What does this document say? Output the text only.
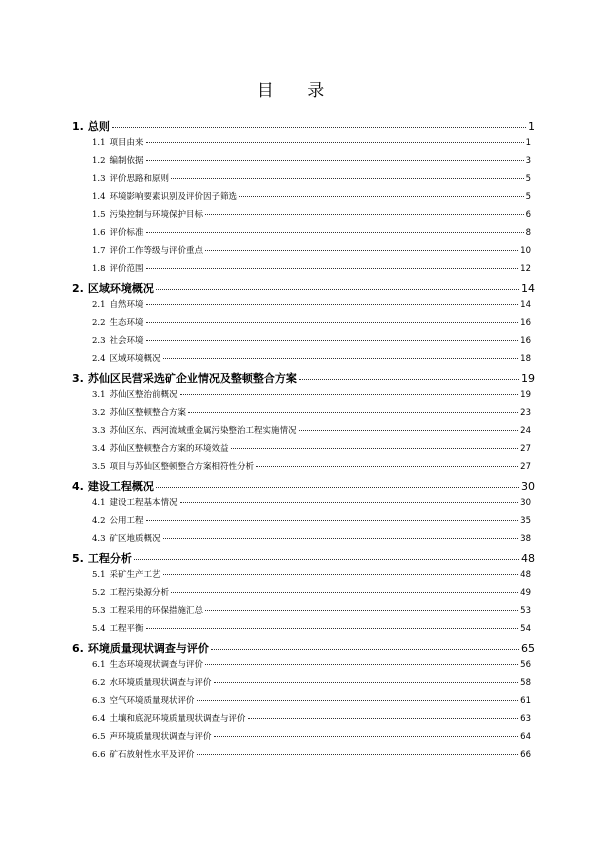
目 录
1. 总则	1
1.1 项目由来	1
1.2 编制依据	3
1.3 评价思路和原则	5
1.4 环境影响要素识别及评价因子筛选	5
1.5 污染控制与环境保护目标	6
1.6 评价标准	8
1.7 评价工作等级与评价重点	10
1.8 评价范围	12
2. 区域环境概况	14
2.1 自然环境	14
2.2 生态环境	16
2.3 社会环境	16
2.4 区域环境概况	18
3. 苏仙区民营采选矿企业情况及整顿整合方案	19
3.1 苏仙区整治前概况	19
3.2 苏仙区整顿整合方案	23
3.3 苏仙区东、西河流域重金属污染整治工程实施情况	24
3.4 苏仙区整顿整合方案的环境效益	27
3.5 项目与苏仙区整顿整合方案相符性分析	27
4. 建设工程概况	30
4.1 建设工程基本情况	30
4.2 公用工程	35
4.3 矿区地质概况	38
5. 工程分析	48
5.1 采矿生产工艺	48
5.2 工程污染源分析	49
5.3 工程采用的环保措施汇总	53
5.4 工程平衡	54
6. 环境质量现状调查与评价	65
6.1 生态环境现状调查与评价	56
6.2 水环境质量现状调查与评价	58
6.3 空气环境质量现状评价	61
6.4 土壤和底泥环境质量现状调查与评价	63
6.5 声环境质量现状调查与评价	64
6.6 矿石放射性水平及评价	66
